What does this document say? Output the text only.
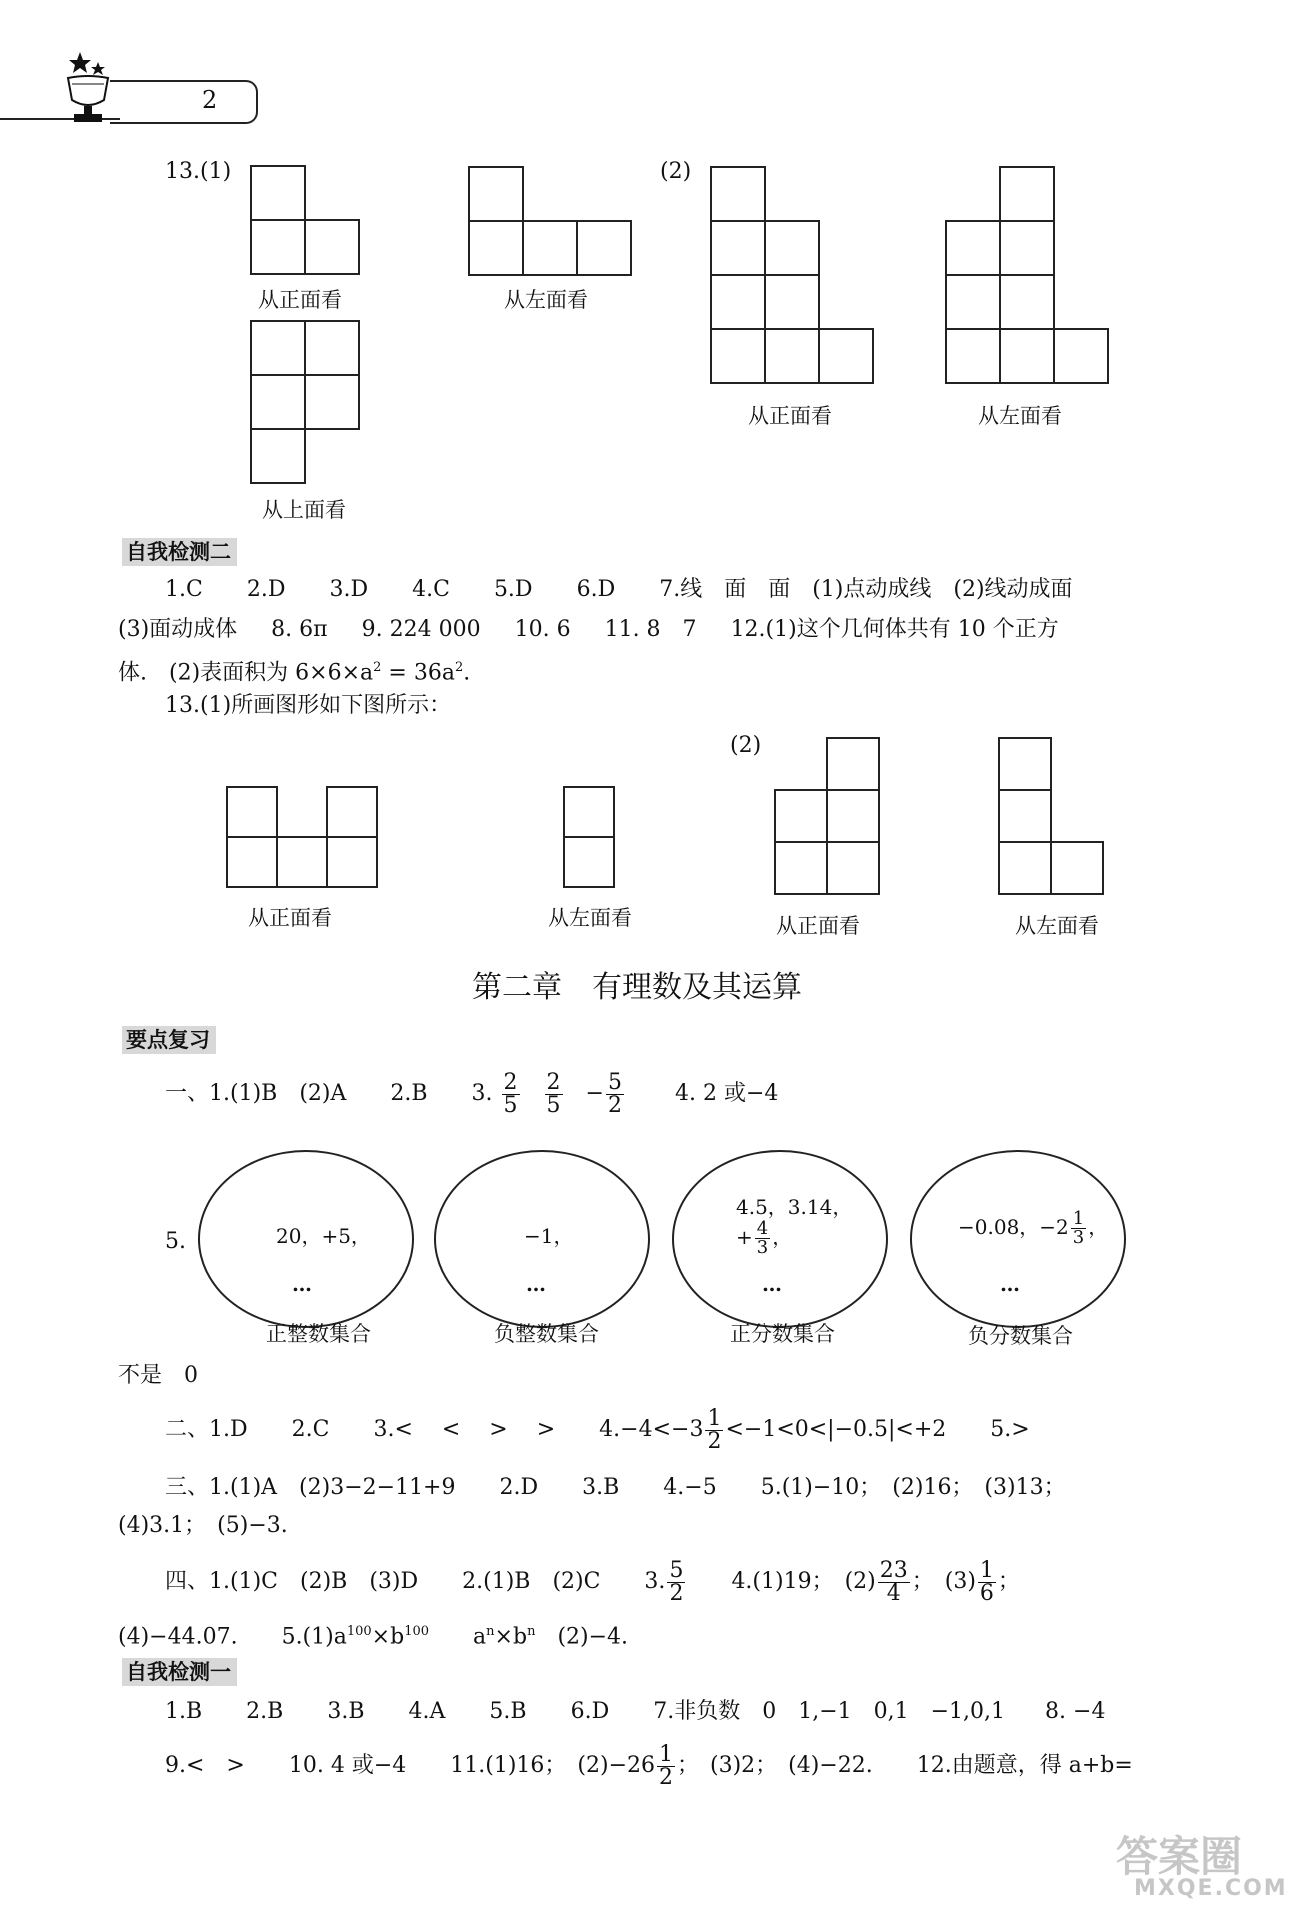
2
13.(1)
从正面看	从左面看
从上面看
(2)
从正面看	从左面看
自我检测二
1.C 2.D 3.D 4.C 5.D 6.D 7.线　面　面　(1)点动成线　(2)线动成面
(3)面动成体 8. 6π 9. 224 000 10. 6 11. 8　7 12.(1)这个几何体共有 10 个正方
体.　(2)表面积为 $6\times 6\times a^2 = 36a^2$.
13.(1)所画图形如下图所示：
从正面看	从左面看
(2)
从正面看	从左面看
第二章　有理数及其运算
要点复习
一、1.(1)B　(2)A　　2.B　　3. $\frac{2}{5}$
$\frac{2}{5} - \frac{5}{2} 4$. 2 或−4
5.	20，+5，
…
正整数集合
−1，
…
负整数集合
4.5，3.14，
+ $\frac{4}{3}$ ，
…
正分数集合
−0.08，$-2 \frac{1}{3}$ ，
…
负分数集合
不是　0
二、1.D　　2.C　　3.<　 <　 >　 >　　$4.-4<-3 \frac{1}{2} <-1<0<|-0.5|<+2$　　5.>
三、1.(1)A　(2)3−2−11+9　　2.D　　3.B　　4.−5　　5.(1)−10；　(2)16；　(3)13；
(4)3.1；　(5)−3.
四、1.(1)C　(2)B　(3)D　　2.(1)B　(2)C　　3. $\frac{5}{2}$ 　　4.(1)19；　$(2) \frac{23}{4}$ ；　$(3) \frac{1}{6}$ ；
(4)−44.07.　　$5.(1)a^{100}\times b^{100}$　　$a^n\times b^n$　(2)−4.
自我检测一
1.B 2.B 3.B 4.A 5.B 6.D 7.非负数　0　1,−1　0,1　−1,0,1 8. −4
9.<　>　　10. 4 或−4　　11.(1)16；　$(2)-26 \frac{1}{2}$ ；　(3)2；　(4)−22.　　12.由题意，得 a+b=
答案圈
MXQE.COM
